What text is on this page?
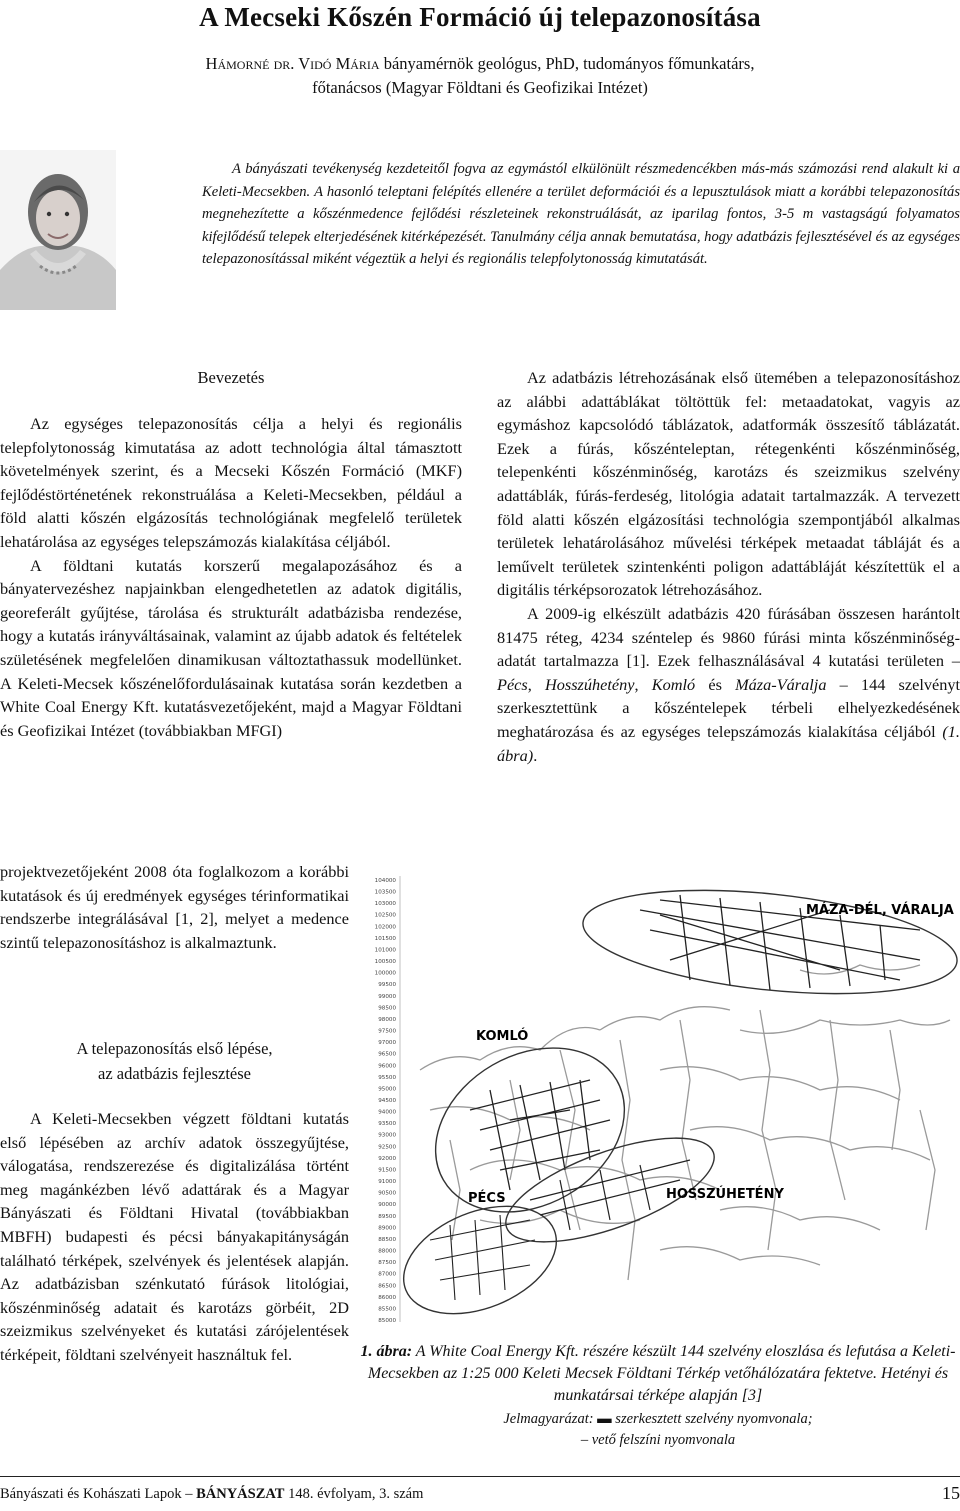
A Mecseki Kőszén Formáció új telepazonosítása
Hámorné dr. Vidó Mária bányamérnök geológus, PhD, tudományos főmunkatárs,
főtanácsos (Magyar Földtani és Geofizikai Intézet)

A bányászati tevékenység kezdeteitől fogva az egymástól elkülönült részmedencékben más-más számozási rend alakult ki a Keleti-Mecsekben. A hasonló teleptani felépítés ellenére a terület deformációi és a lepusztulások miatt a korábbi telepazonosítás megnehezítette a kőszénmedence fejlődési részleteinek rekonstruálását, az iparilag fontos, 3-5 m vastagságú folyamatos kifejlődésű telepek elterjedésének kitérképezését. Tanulmány célja annak bemutatása, hogy adatbázis fejlesztésével és az egységes telepazonosítással miként végeztük a helyi és regionális telepfolytonosság kimutatását.

Bevezetés

Az egységes telepazonosítás célja a helyi és regionális telepfolytonosság kimutatása az adott technológia által támasztott követelmények szerint, és a Mecseki Kőszén Formáció (MKF) fejlődéstörténetének rekonstruálása a Keleti-Mecsekben, például a föld alatti kőszén elgázosítás technológiának megfelelő területek lehatárolása az egységes telepszámozás kialakítása céljából.

A földtani kutatás korszerű megalapozásához és a bányatervezéshez napjainkban elengedhetetlen az adatok digitális, georeferált gyűjtése, tárolása és strukturált adatbázisba rendezése, hogy a kutatás irányváltásainak, valamint az újabb adatok és feltételek születésének megfelelően dinamikusan változtathassuk modellünket. A Keleti-Mecsek kőszénelőfordulásainak kutatása során kezdetben a White Coal Energy Kft. kutatásvezetőjeként, majd a Magyar Földtani és Geofizikai Intézet (továbbiakban MFGI)

projektvezetőjeként 2008 óta foglalkozom a korábbi kutatások és új eredmények egységes térinformatikai rendszerbe integrálásával [1, 2], melyet a medence szintű telepazonosításhoz is alkalmaztunk.
A telepazonosítás első lépése,
az adatbázis fejlesztése

A Keleti-Mecsekben végzett földtani kutatás első lépésében az archív adatok összegyűjtése, válogatása, rendszerezése és digitalizálása történt meg magánkézben lévő adattárak és a Magyar Bányászati és Földtani Hivatal (továbbiakban MBFH) budapesti és pécsi bányakapitányságán található térképek, szelvények és jelentések alapján. Az adatbázisban szénkutató fúrások litológiai, kőszénminőség adatait és karotázs görbéit, 2D szeizmikus szelvényeket és kutatási zárójelentések térképeit, földtani szelvényeit használtuk fel.

Az adatbázis létrehozásának első ütemében a telepazonosításhoz az alábbi adattáblákat töltöttük fel: metaadatokat, vagyis az egymáshoz kapcsolódó táblázatok, adatformák összesítő táblázatát. Ezek a fúrás, kőszénteleptan, rétegenkénti kőszénminőség, telepenkénti kőszénminőség, karotázs és szeizmikus szelvény adattáblák, fúrás-ferdeség, litológia adatait tartalmazzák. A tervezett föld alatti kőszén elgázosítási technológia szempontjából alkalmas területek lehatárolásához művelési térképek metaadat tábláját és a leművelt területek szintenkénti poligon adattábláját készítettük el a digitális térképsorozatok létrehozásához.

A 2009-ig elkészült adatbázis 420 fúrásában összesen harántolt 81475 réteg, 4234 széntelep és 9860 fúrási minta kőszénminőség-adatát tartalmazza [1]. Ezek felhasználásával 4 kutatási területen – Pécs, Hosszúhetény, Komló és Máza-Váralja – 144 szelvényt szerkesztettünk a kőszéntelepek térbeli elhelyezkedésének meghatározása és az egységes telepszámozás kialakítása céljából (1. ábra).

104000
103500
103000
102500
102000
101500
101000
100500
100000
99500
99000
98500
98000
97500
97000
96500
96000
95500
95000
94500
94000
93500
93000
92500
92000
91500
91000
90500
90000
89500
89000
88500
88000
87500
87000
86500
86000
85500
85000
MÁZA-DÉL, VÁRALJA
KOMLÓ
PÉCS	HOSSZÚHETÉNY
1. ábra: A White Coal Energy Kft. részére készült 144 szelvény eloszlása és lefutása a Keleti-Mecsekben az 1:25 000 Keleti Mecsek Földtani Térkép vetőhálózatára fektetve. Hetényi és munkatársai térképe alapján [3]
Jelmagyarázat: ▬ szerkesztett szelvény nyomvonala;
– vető felszíni nyomvonala
Bányászati és Kohászati Lapok – BÁNYÁSZAT 148. évfolyam, 3. szám	15
